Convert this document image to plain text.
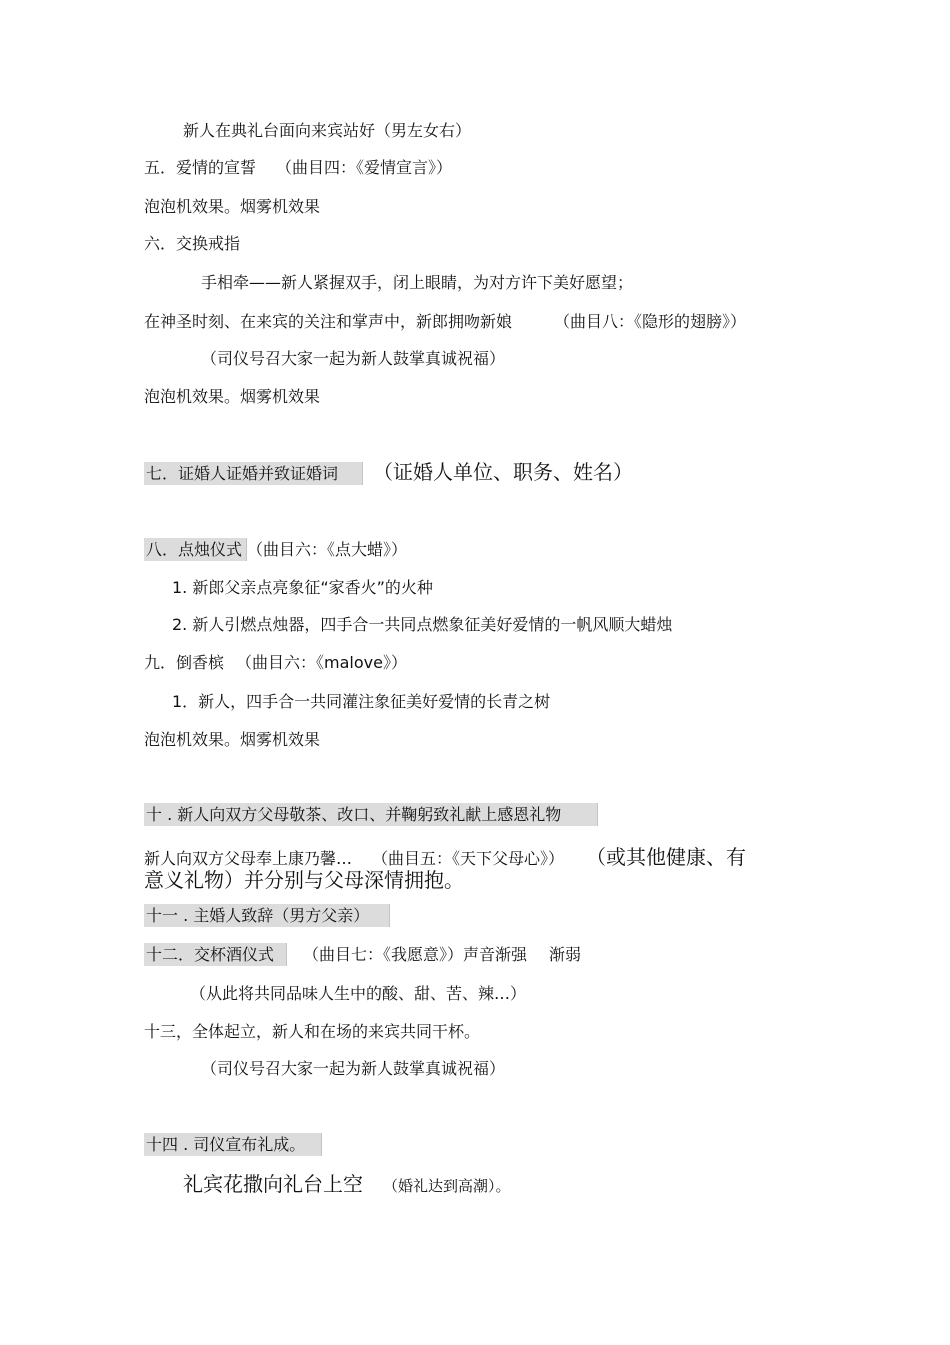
新人在典礼台面向来宾站好（男左女右）
五．爱情的宣誓 （曲目四：《爱情宣言》）
泡泡机效果。烟雾机效果
六．交换戒指
手相牵——新人紧握双手，闭上眼睛，为对方许下美好愿望；
在神圣时刻、在来宾的关注和掌声中，新郎拥吻新娘	（曲目八：《隐形的翅膀》）
（司仪号召大家一起为新人鼓掌真诚祝福）
泡泡机效果。烟雾机效果
七．证婚人证婚并致证婚词 （证婚人单位、职务、姓名）
八．点烛仪式 （曲目六：《点大蜡》）
1. 新郎父亲点亮象征“家香火”的火种
2. 新人引燃点烛器，四手合一共同点燃象征美好爱情的一帆风顺大蜡烛
九．倒香槟 （曲目六：《malove》）
1．新人，四手合一共同灌注象征美好爱情的长青之树
泡泡机效果。烟雾机效果
十 . 新人向双方父母敬茶、改口、并鞠躬致礼献上感恩礼物
新人向双方父母奉上康乃馨… （曲目五：《天下父母心》） （或其他健康、有
意义礼物）并分别与父母深情拥抱。
十一 . 主婚人致辞（男方父亲）
十二．交杯酒仪式 （曲目七：《我愿意》）声音渐强 渐弱
（从此将共同品味人生中的酸、甜、苦、辣…）
十三，全体起立，新人和在场的来宾共同干杯。
（司仪号召大家一起为新人鼓掌真诚祝福）
十四 . 司仪宣布礼成。
礼宾花撒向礼台上空 （婚礼达到高潮）。
